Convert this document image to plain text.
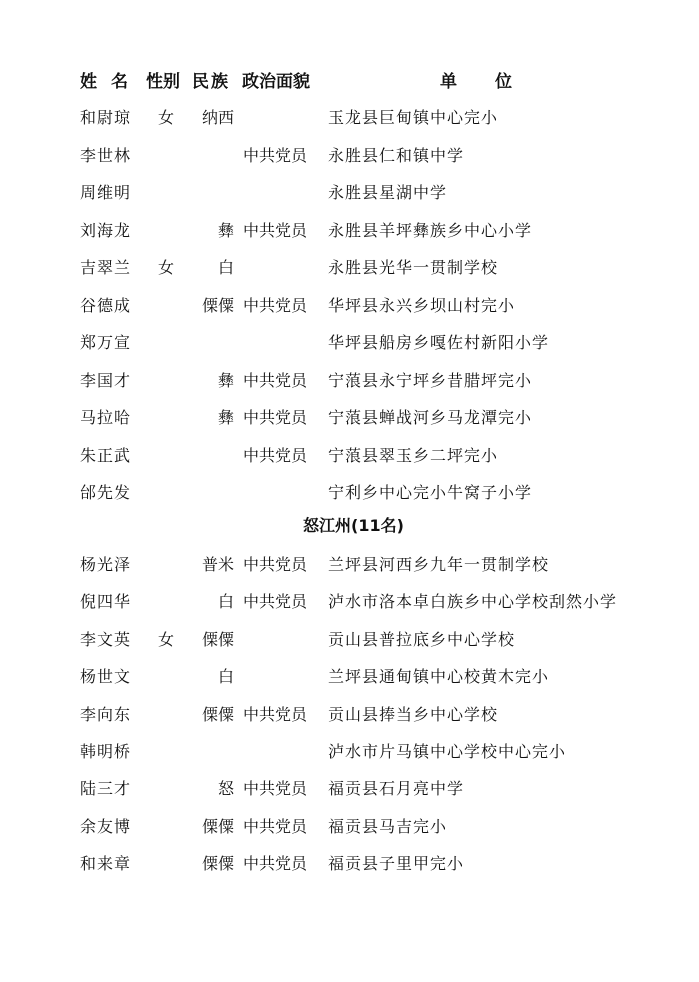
姓名 性别 民族 政治面貌	单位
和尉琼 女	纳西	玉龙县巨甸镇中心完小
李世林	中共党员 永胜县仁和镇中学
周维明	永胜县星湖中学
刘海龙	彝 中共党员 永胜县羊坪彝族乡中心小学
吉翠兰 女	白	永胜县光华一贯制学校
谷德成	傈僳 中共党员 华坪县永兴乡坝山村完小
郑万宣	华坪县船房乡嘎佐村新阳小学
李国才	彝 中共党员 宁蒗县永宁坪乡昔腊坪完小
马拉哈	彝 中共党员 宁蒗县蝉战河乡马龙潭完小
朱正武	中共党员 宁蒗县翠玉乡二坪完小
邰先发	宁利乡中心完小牛窝子小学
怒江州(11名)
杨光泽	普米 中共党员 兰坪县河西乡九年一贯制学校
倪四华	白 中共党员 泸水市洛本卓白族乡中心学校刮然小学
李文英 女	傈僳	贡山县普拉底乡中心学校
杨世文	白	兰坪县通甸镇中心校黄木完小
李向东	傈僳 中共党员 贡山县捧当乡中心学校
韩明桥	泸水市片马镇中心学校中心完小
陆三才	怒 中共党员 福贡县石月亮中学
余友博	傈僳 中共党员 福贡县马吉完小
和来章	傈僳 中共党员 福贡县子里甲完小
